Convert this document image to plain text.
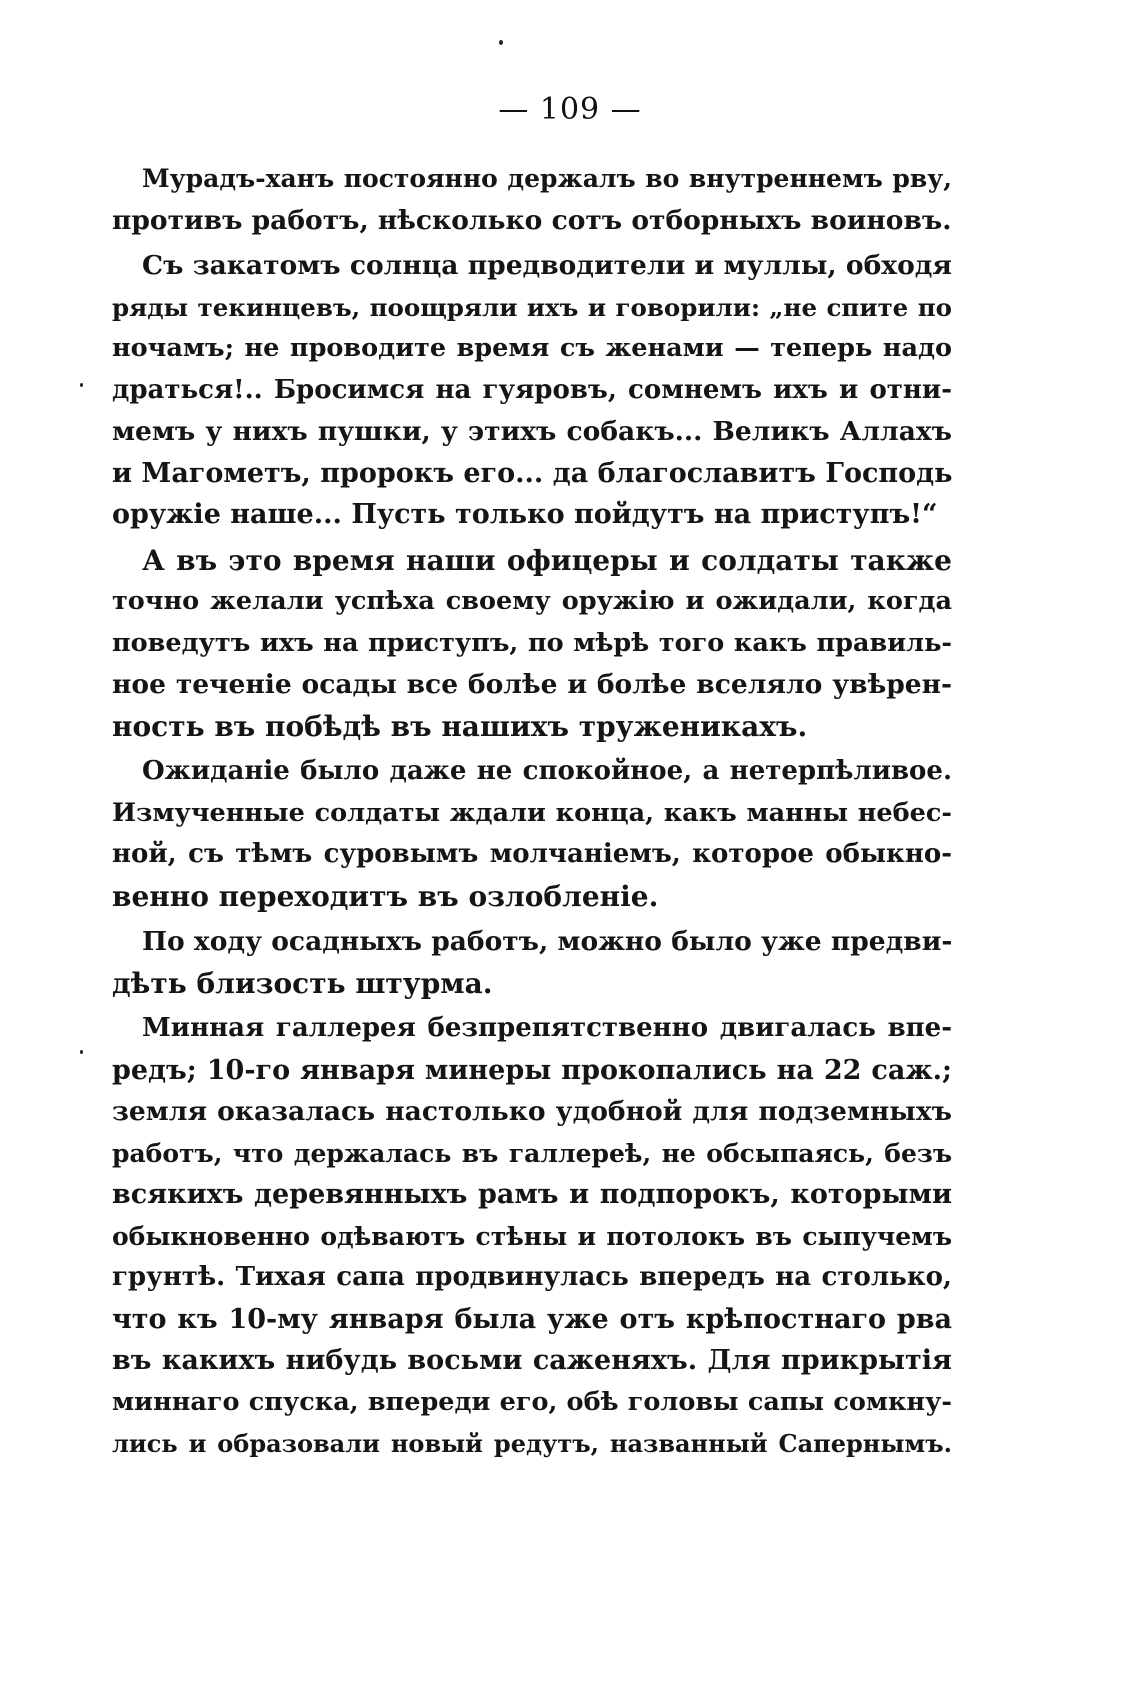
— 109 —
Мурадъ-ханъ постоянно держалъ во внутреннемъ рву,
противъ работъ, нѣсколько сотъ отборныхъ воиновъ.
Съ закатомъ солнца предводители и муллы, обходя
ряды текинцевъ, поощряли ихъ и говорили: „не спите по
ночамъ; не проводите время съ женами — теперь надо
драться!.. Бросимся на гуяровъ, сомнемъ ихъ и отни-
мемъ у нихъ пушки, у этихъ собакъ... Великъ Аллахъ
и Магометъ, пророкъ его... да благославитъ Господь
оружіе наше... Пусть только пойдутъ на приступъ!“
А въ это время наши офицеры и солдаты также
точно желали успѣха своему оружію и ожидали, когда
поведутъ ихъ на приступъ, по мѣрѣ того какъ правиль-
ное теченіе осады все болѣе и болѣе вселяло увѣрен-
ность въ побѣдѣ въ нашихъ труженикахъ.
Ожиданіе было даже не спокойное, а нетерпѣливое.
Измученные солдаты ждали конца, какъ манны небес-
ной, съ тѣмъ суровымъ молчаніемъ, которое обыкно-
венно переходитъ въ озлобленіе.
По ходу осадныхъ работъ, можно было уже предви-
дѣть близость штурма.
Минная галлерея безпрепятственно двигалась впе-
редъ; 10-го января минеры прокопались на 22 саж.;
земля оказалась настолько удобной для подземныхъ
работъ, что держалась въ галлереѣ, не обсыпаясь, безъ
всякихъ деревянныхъ рамъ и подпорокъ, которыми
обыкновенно одѣваютъ стѣны и потолокъ въ сыпучемъ
грунтѣ. Тихая сапа продвинулась впередъ на столько,
что къ 10-му января была уже отъ крѣпостнаго рва
въ какихъ нибудь восьми саженяхъ. Для прикрытія
миннаго спуска, впереди его, обѣ головы сапы сомкну-
лись и образовали новый редутъ, названный Сапернымъ.
